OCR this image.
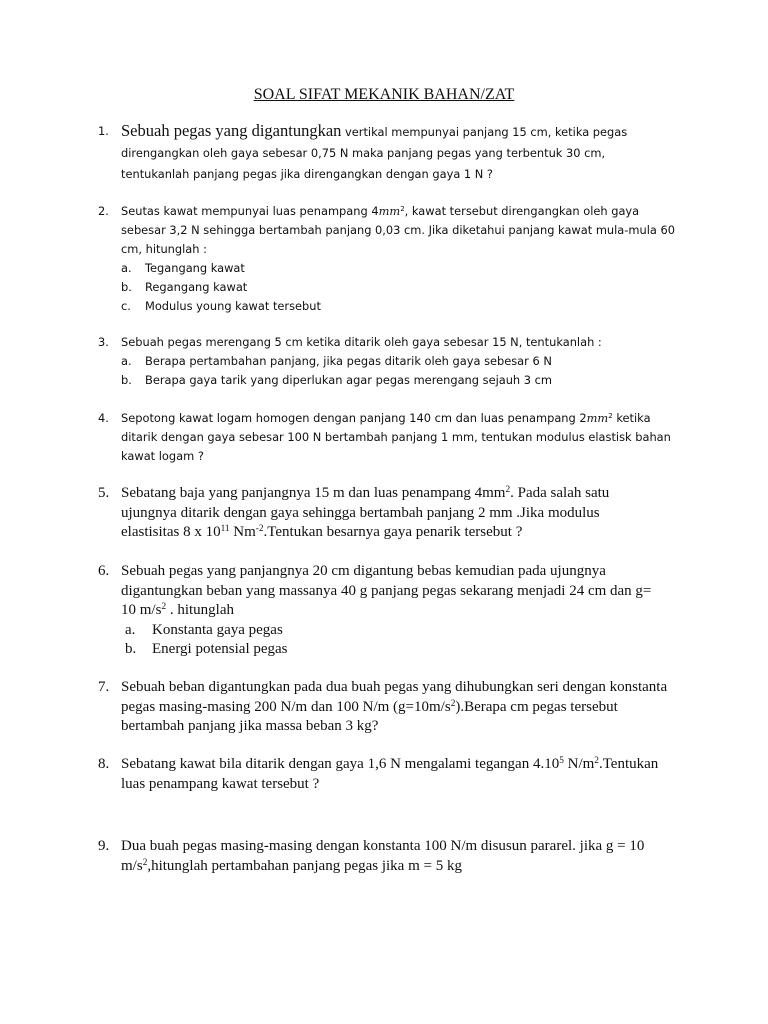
SOAL SIFAT MEKANIK BAHAN/ZAT
1. Sebuah pegas yang digantungkan vertikal mempunyai panjang 15 cm, ketika pegas
direngangkan oleh gaya sebesar 0,75 N maka panjang pegas yang terbentuk 30 cm,
tentukanlah panjang pegas jika direngangkan dengan gaya 1 N ?
2. Seutas kawat mempunyai luas penampang $4mm^2$, kawat tersebut direngangkan oleh gaya
sebesar 3,2 N sehingga bertambah panjang 0,03 cm. Jika diketahui panjang kawat mula-mula 60
cm, hitunglah :
a. Tegangang kawat
b. Regangang kawat
c. Modulus young kawat tersebut
3. Sebuah pegas merengang 5 cm ketika ditarik oleh gaya sebesar 15 N, tentukanlah :
a. Berapa pertambahan panjang, jika pegas ditarik oleh gaya sebesar 6 N
b. Berapa gaya tarik yang diperlukan agar pegas merengang sejauh 3 cm
4. Sepotong kawat logam homogen dengan panjang 140 cm dan luas penampang $2mm^2$ ketika
ditarik dengan gaya sebesar 100 N bertambah panjang 1 mm, tentukan modulus elastisk bahan
kawat logam ?
5. Sebatang baja yang panjangnya 15 m dan luas penampang $4mm^2$. Pada salah satu
ujungnya ditarik dengan gaya sehingga bertambah panjang 2 mm .Jika modulus
elastisitas 8 x $10^{11}$ $Nm^{-2}.Tentukan$ besarnya gaya penarik tersebut ?
6. Sebuah pegas yang panjangnya 20 cm digantung bebas kemudian pada ujungnya
digantungkan beban yang massanya 40 g panjang pegas sekarang menjadi 24 cm dan g=
10 $m/s^2$ . hitunglah
a. Konstanta gaya pegas
b. Energi potensial pegas
7. Sebuah beban digantungkan pada dua buah pegas yang dihubungkan seri dengan konstanta
pegas masing-masing 200 N/m dan 100 N/m $(g=10m/s^2).Berapa$ cm pegas tersebut
bertambah panjang jika massa beban 3 kg?
8. Sebatang kawat bila ditarik dengan gaya 1,6 N mengalami tegangan 4.10$^5$ $N/m^2.Tentukan$
luas penampang kawat tersebut ?
9. Dua buah pegas masing-masing dengan konstanta 100 N/m disusun pararel. jika g = 10
$m/s^2,hitunglah$ pertambahan panjang pegas jika m = 5 kg
